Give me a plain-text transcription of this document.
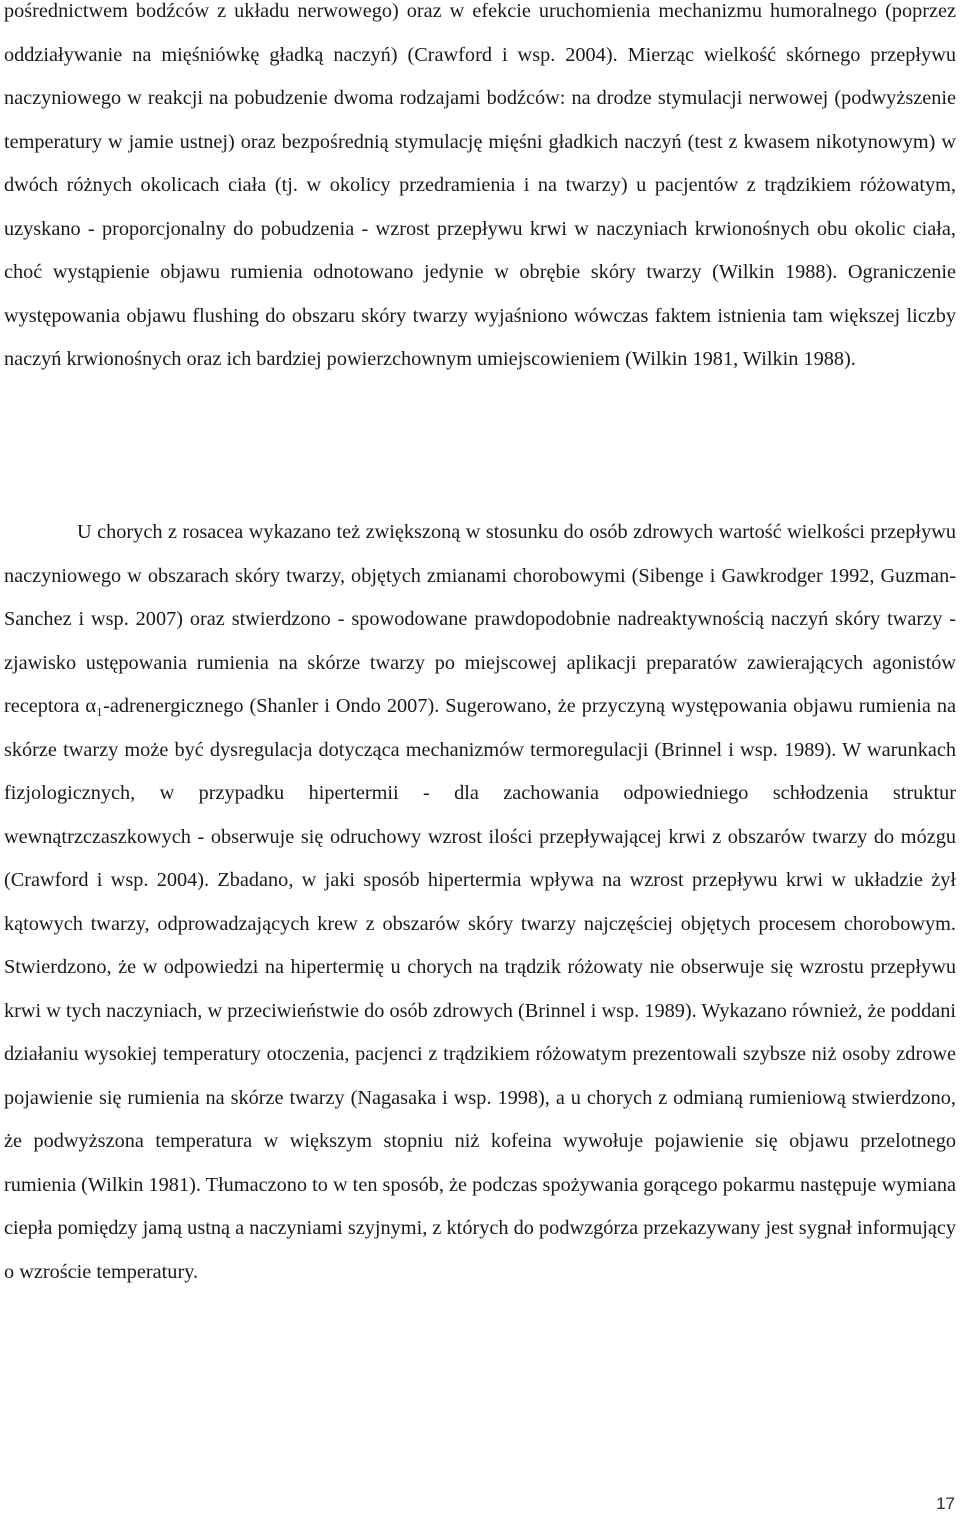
pośrednictwem bodźców z układu nerwowego) oraz w efekcie uruchomienia mechanizmu humoralnego (poprzez oddziaływanie na mięśniówkę gładką naczyń) (Crawford i wsp. 2004). Mierząc wielkość skórnego przepływu naczyniowego w reakcji na pobudzenie dwoma rodzajami bodźców: na drodze stymulacji nerwowej (podwyższenie temperatury w jamie ustnej) oraz bezpośrednią stymulację mięśni gładkich naczyń (test z kwasem nikotynowym) w dwóch różnych okolicach ciała (tj. w okolicy przedramienia i na twarzy) u pacjentów z trądzikiem różowatym, uzyskano - proporcjonalny do pobudzenia - wzrost przepływu krwi w naczyniach krwionośnych obu okolic ciała, choć wystąpienie objawu rumienia odnotowano jedynie w obrębie skóry twarzy (Wilkin 1988). Ograniczenie występowania objawu flushing do obszaru skóry twarzy wyjaśniono wówczas faktem istnienia tam większej liczby naczyń krwionośnych oraz ich bardziej powierzchownym umiejscowieniem (Wilkin 1981, Wilkin 1988).

U chorych z rosacea wykazano też zwiększoną w stosunku do osób zdrowych wartość wielkości przepływu naczyniowego w obszarach skóry twarzy, objętych zmianami chorobowymi (Sibenge i Gawkrodger 1992, Guzman-Sanchez i wsp. 2007) oraz stwierdzono - spowodowane prawdopodobnie nadreaktywnością naczyń skóry twarzy - zjawisko ustępowania rumienia na skórze twarzy po miejscowej aplikacji preparatów zawierających agonistów receptora α₁-adrenergicznego (Shanler i Ondo 2007). Sugerowano, że przyczyną występowania objawu rumienia na skórze twarzy może być dysregulacja dotycząca mechanizmów termoregulacji (Brinnel i wsp. 1989). W warunkach fizjologicznych, w przypadku hipertermii - dla zachowania odpowiedniego schłodzenia struktur wewnątrzczaszkowych - obserwuje się odruchowy wzrost ilości przepływającej krwi z obszarów twarzy do mózgu (Crawford i wsp. 2004). Zbadano, w jaki sposób hipertermia wpływa na wzrost przepływu krwi w układzie żył kątowych twarzy, odprowadzających krew z obszarów skóry twarzy najczęściej objętych procesem chorobowym. Stwierdzono, że w odpowiedzi na hipertermię u chorych na trądzik różowaty nie obserwuje się wzrostu przepływu krwi w tych naczyniach, w przeciwieństwie do osób zdrowych (Brinnel i wsp. 1989). Wykazano również, że poddani działaniu wysokiej temperatury otoczenia, pacjenci z trądzikiem różowatym prezentowali szybsze niż osoby zdrowe pojawienie się rumienia na skórze twarzy (Nagasaka i wsp. 1998), a u chorych z odmianą rumieniową stwierdzono, że podwyższona temperatura w większym stopniu niż kofeina wywołuje pojawienie się objawu przelotnego rumienia (Wilkin 1981). Tłumaczono to w ten sposób, że podczas spożywania gorącego pokarmu następuje wymiana ciepła pomiędzy jamą ustną a naczyniami szyjnymi, z których do podwzgórza przekazywany jest sygnał informujący o wzroście temperatury.

17
